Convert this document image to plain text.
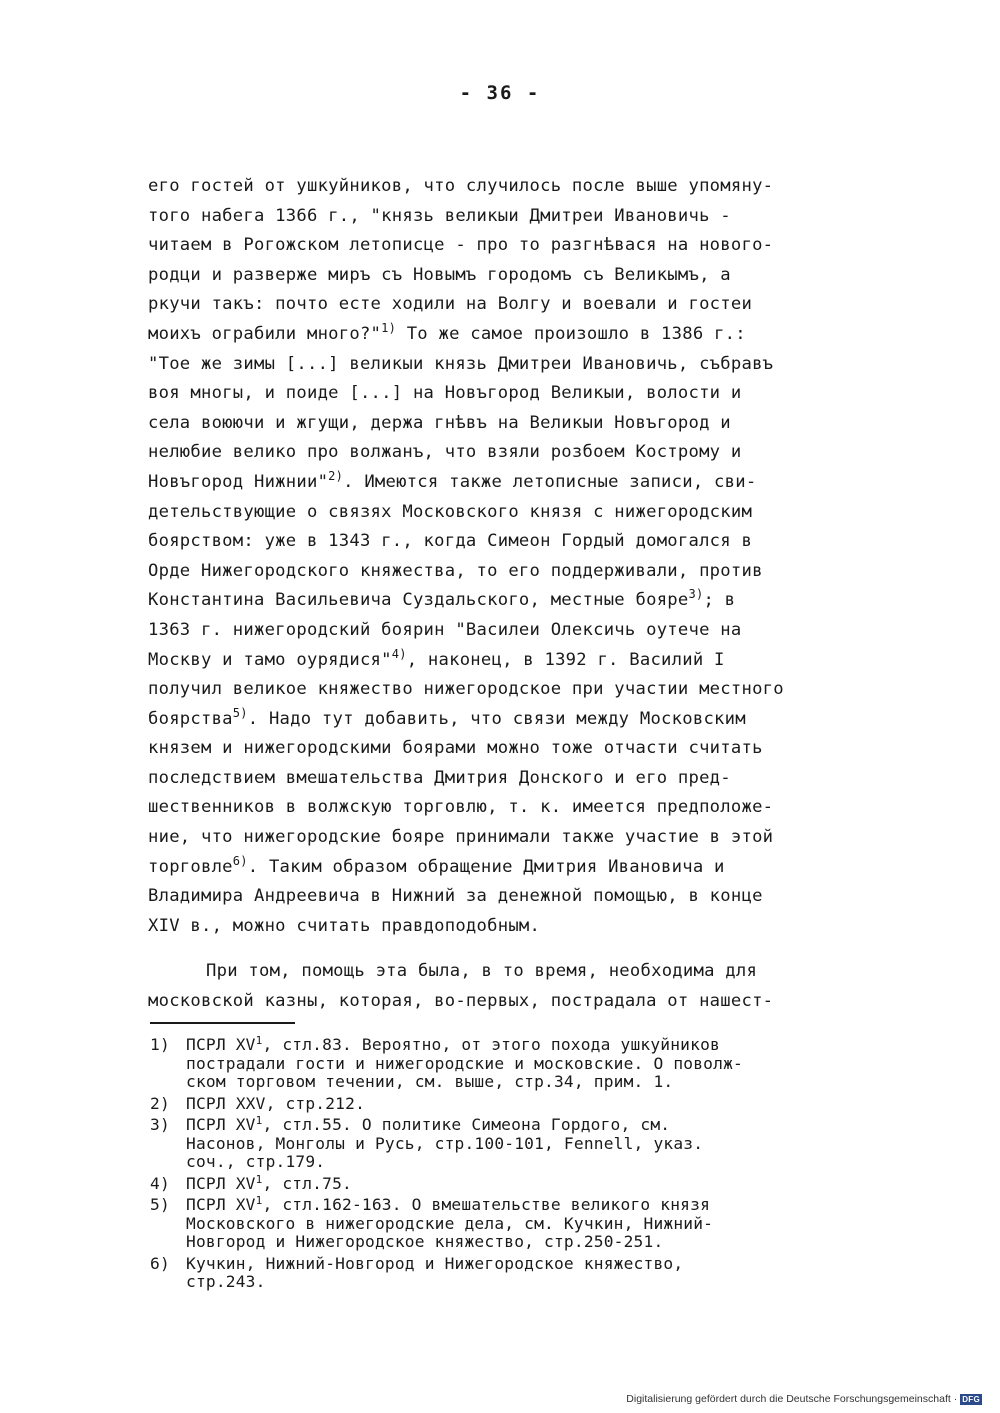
- 36 -
его гостей от ушкуйников, что случилось после выше упомяну-
того набега 1366 г., "князь великыи Дмитреи Ивановичь -
читаем в Рогожском летописце - про то разгнѣвася на нового-
родци и разверже миръ съ Новымъ городомъ съ Великымъ, а
ркучи такъ: почто есте ходили на Волгу и воевали и гостеи
моихъ ограбили много?"$^{1)}$ То же самое произошло в 1386 г.:
"Тое же зимы [...] великыи князь Дмитреи Ивановичь, събравъ
воя многы, и поиде [...] на Новъгород Великыи, волости и
села воюючи и жгущи, держа гнѣвъ на Великыи Новъгород и
нелюбие велико про волжанъ, что взяли розбоем Кострому и
Новъгород Нижнии"$^{2)}$. Имеются также летописные записи, сви-
детельствующие о связях Московского князя с нижегородским
боярством: уже в 1343 г., когда Симеон Гордый домогался в
Орде Нижегородского княжества, то его поддерживали, против
Константина Васильевича Суздальского, местные бояре$^{3)}$; в
1363 г. нижегородский боярин "Василеи Олексичь оутече на
Москву и тамо оурядися"$^{4)}$, наконец, в 1392 г. Василий I
получил великое княжество нижегородское при участии местного
боярства$^{5)}$. Надо тут добавить, что связи между Московским
князем и нижегородскими боярами можно тоже отчасти считать
последствием вмешательства Дмитрия Донского и его пред-
шественников в волжскую торговлю, т. к. имеется предположе-
ние, что нижегородские бояре принимали также участие в этой
торговле$^{6)}$. Таким образом обращение Дмитрия Ивановича и
Владимира Андреевича в Нижний за денежной помощью, в конце
XIV в., можно считать правдоподобным.
При том, помощь эта была, в то время, необходима для
московской казны, которая, во-первых, пострадала от нашест-
1) ПСРЛ $XV^1$, стл.83. Вероятно, от этого похода ушкуйников
пострадали гости и нижегородские и московские. О поволж-
ском торговом течении, см. выше, стр.34, прим. 1.
2) ПСРЛ XXV, стр.212.
3) ПСРЛ $XV^1$, стл.55. О политике Симеона Гордого, см.
Насонов, Монголы и Русь, стр.100-101, Fennell, указ.
соч., стр.179.
4) ПСРЛ $XV^1$, стл.75.
5) ПСРЛ $XV^1$, стл.162-163. О вмешательстве великого князя
Московского в нижегородские дела, см. Кучкин, Нижний-
Новгород и Нижегородское княжество, стр.250-251.
6) Кучкин, Нижний-Новгород и Нижегородское княжество,
стр.243.
Digitalisierung gefördert durch die Deutsche Forschungsgemeinschaft · DFG
